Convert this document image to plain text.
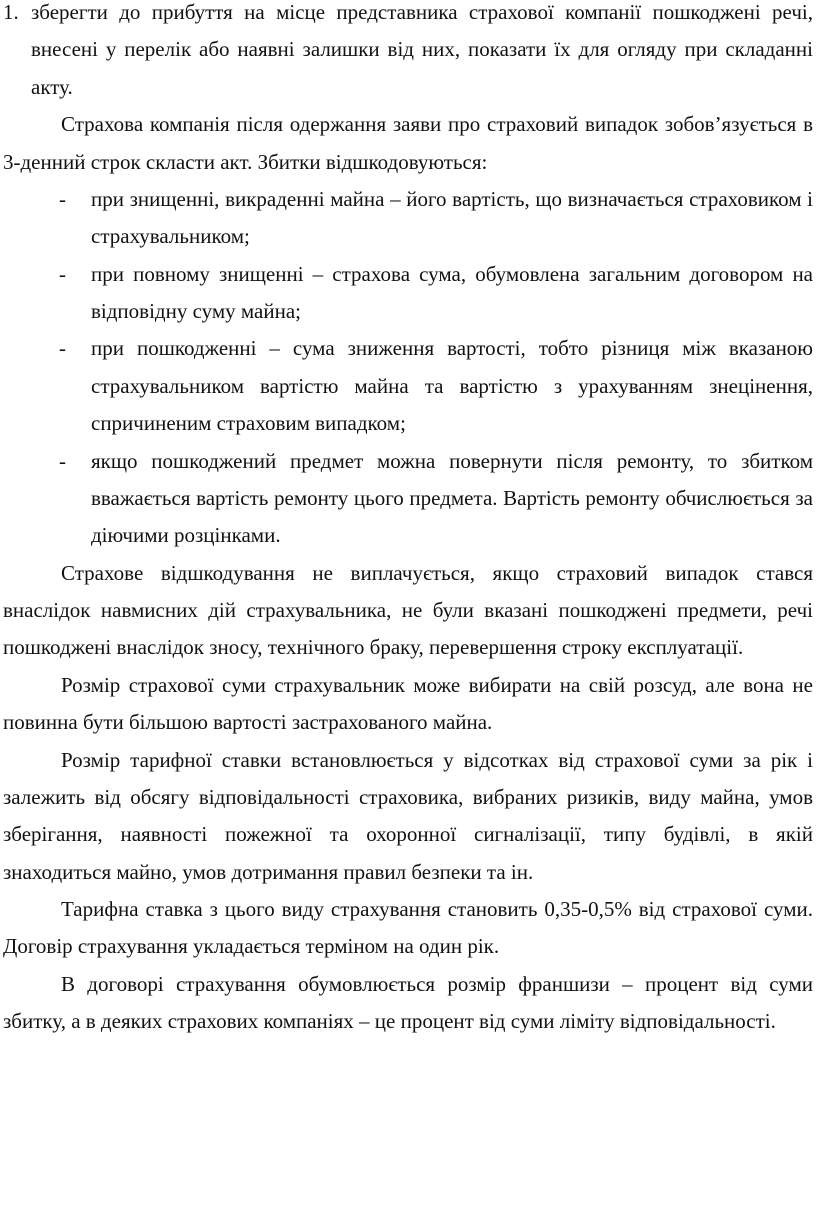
1. зберегти до прибуття на місце представника страхової компанії пошкоджені речі, внесені у перелік або наявні залишки від них, показати їх для огляду при складанні акту.

Страхова компанія після одержання заяви про страховий випадок зобов’язується в 3-денний строк скласти акт. Збитки відшкодовуються:

-	при знищенні, викраденні майна – його вартість, що визначається страховиком і страхувальником;
-	при повному знищенні – страхова сума, обумовлена загальним договором на відповідну суму майна;
-	при пошкодженні – сума зниження вартості, тобто різниця між вказаною страхувальником вартістю майна та вартістю з урахуванням знецінення, спричиненим страховим випадком;
-	якщо пошкоджений предмет можна повернути після ремонту, то збитком вважається вартість ремонту цього предмета. Вартість ремонту обчислюється за діючими розцінками.

Страхове відшкодування не виплачується, якщо страховий випадок стався внаслідок навмисних дій страхувальника, не були вказані пошкоджені предмети, речі пошкоджені внаслідок зносу, технічного браку, перевершення строку експлуатації.

Розмір страхової суми страхувальник може вибирати на свій розсуд, але вона не повинна бути більшою вартості застрахованого майна.

Розмір тарифної ставки встановлюється у відсотках від страхової суми за рік і залежить від обсягу відповідальності страховика, вибраних ризиків, виду майна, умов зберігання, наявності пожежної та охоронної сигналізації, типу будівлі, в якій знаходиться майно, умов дотримання правил безпеки та ін.

Тарифна ставка з цього виду страхування становить 0,35-0,5% від страхової суми. Договір страхування укладається терміном на один рік.

В договорі страхування обумовлюється розмір франшизи – процент від суми збитку, а в деяких страхових компаніях – це процент від суми ліміту відповідальності.
